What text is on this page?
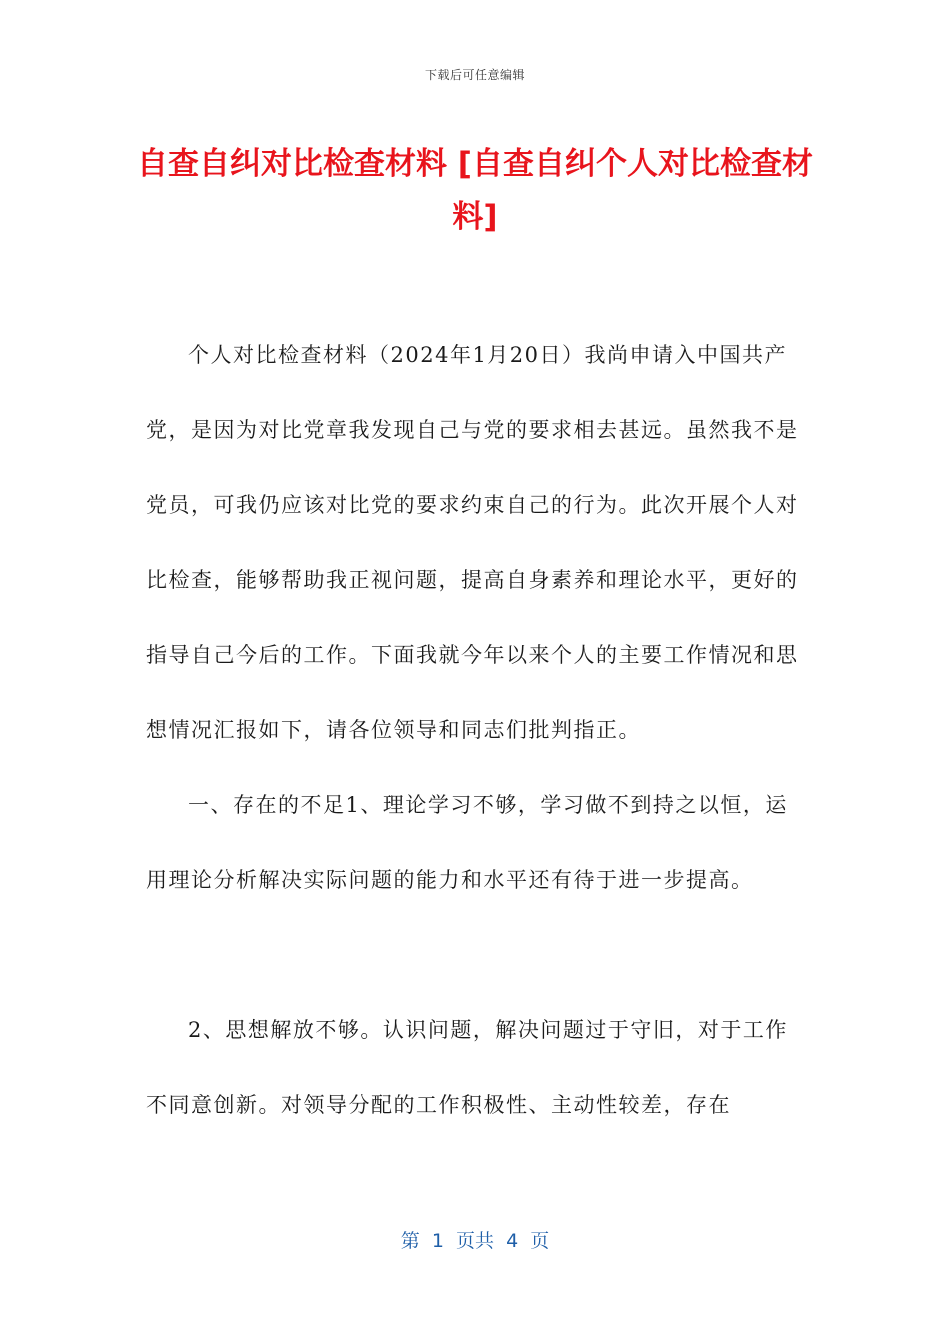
下载后可任意编辑
自查自纠对比检查材料 [自查自纠个人对比检查材料]

个人对比检查材料（2024年1月20日）我尚申请入中国共产党，是因为对比党章我发现自己与党的要求相去甚远。虽然我不是党员，可我仍应该对比党的要求约束自己的行为。此次开展个人对比检查，能够帮助我正视问题，提高自身素养和理论水平，更好的指导自己今后的工作。下面我就今年以来个人的主要工作情况和思想情况汇报如下，请各位领导和同志们批判指正。

一、存在的不足1、理论学习不够，学习做不到持之以恒，运用理论分析解决实际问题的能力和水平还有待于进一步提高。

2、思想解放不够。认识问题，解决问题过于守旧，对于工作不同意创新。对领导分配的工作积极性、主动性较差，存在

第  1  页共  4  页
